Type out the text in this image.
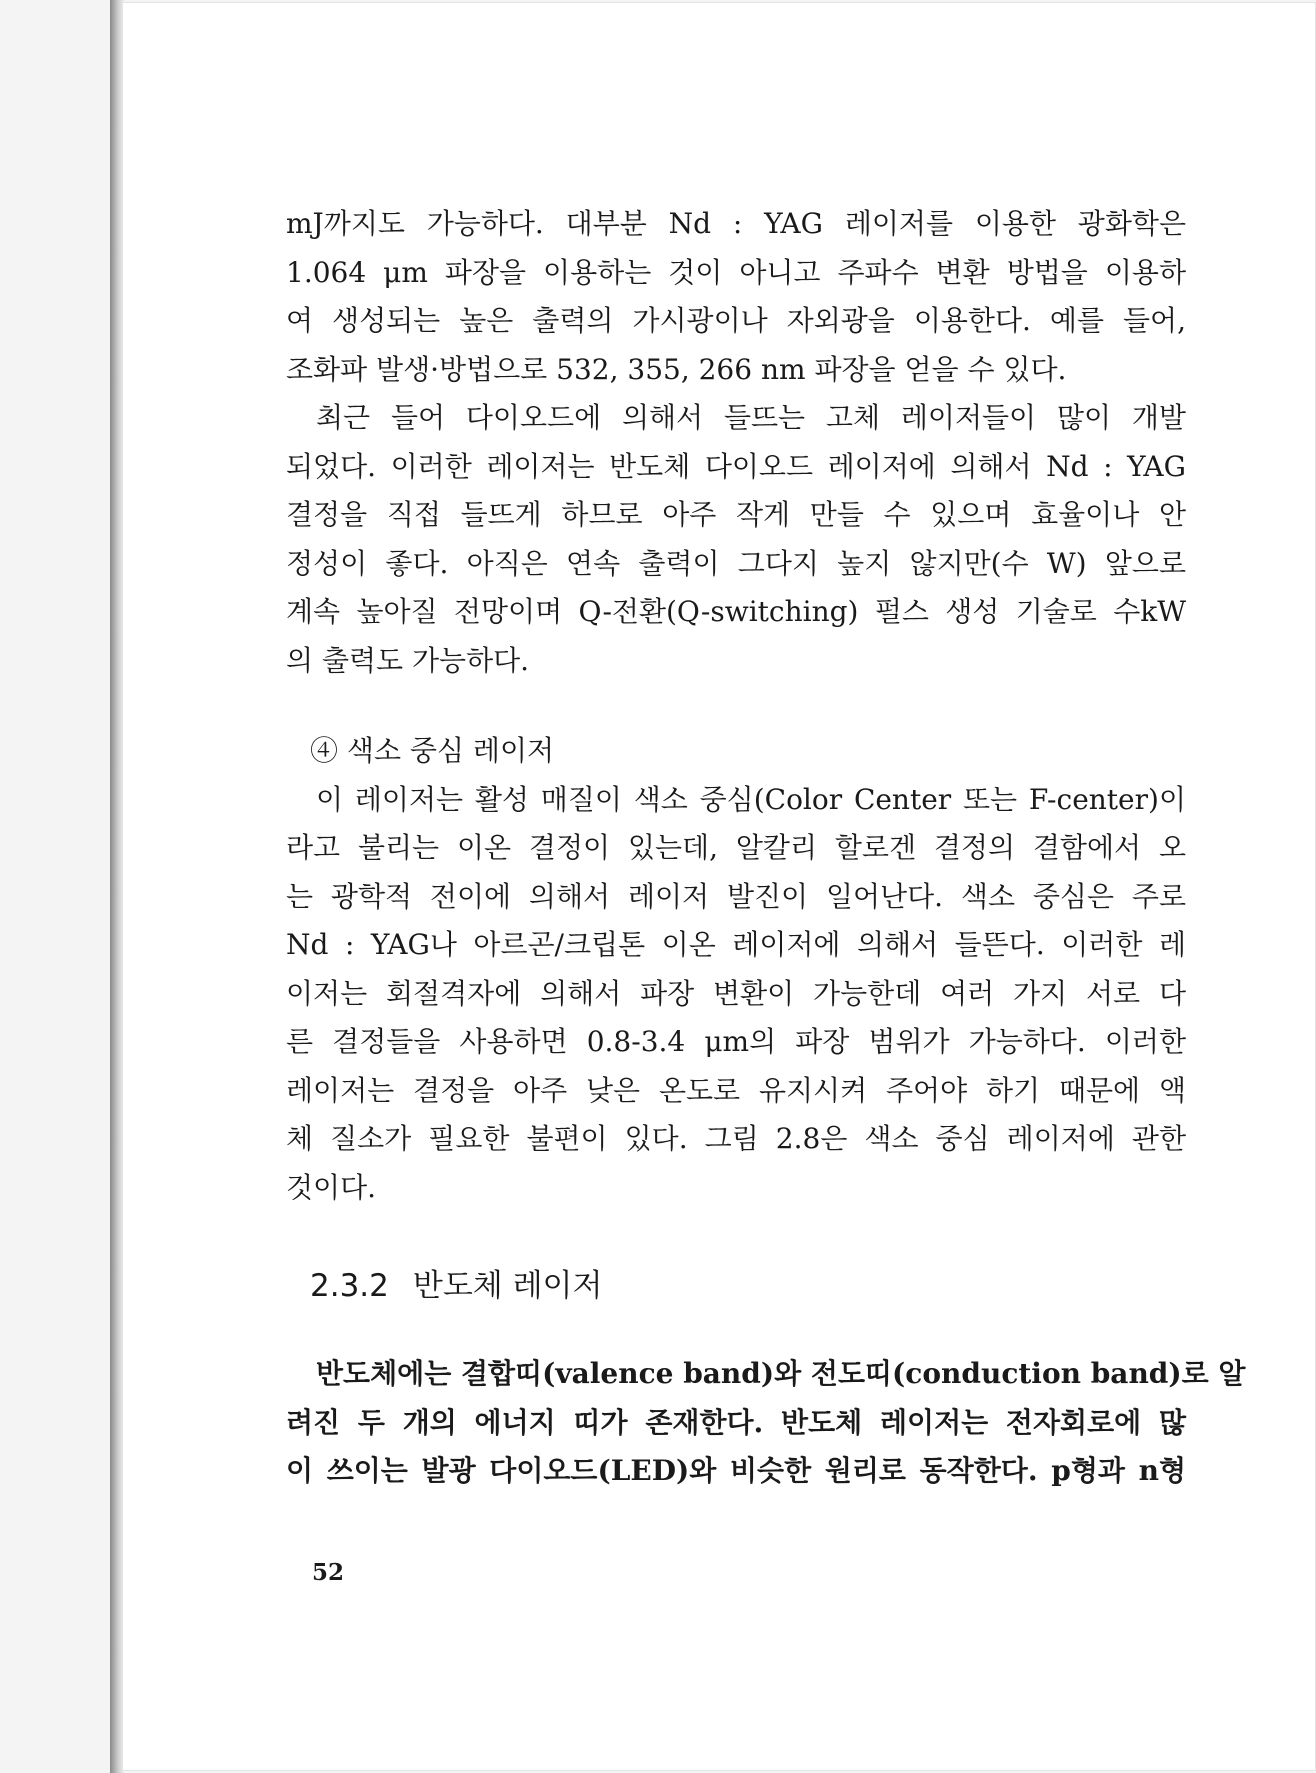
mJ까지도 가능하다. 대부분 Nd : YAG 레이저를 이용한 광화학은
1.064 μm 파장을 이용하는 것이 아니고 주파수 변환 방법을 이용하
여 생성되는 높은 출력의 가시광이나 자외광을 이용한다. 예를 들어,
조화파 발생·방법으로 532, 355, 266 nm 파장을 얻을 수 있다.
최근 들어 다이오드에 의해서 들뜨는 고체 레이저들이 많이 개발
되었다. 이러한 레이저는 반도체 다이오드 레이저에 의해서 Nd : YAG
결정을 직접 들뜨게 하므로 아주 작게 만들 수 있으며 효율이나 안
정성이 좋다. 아직은 연속 출력이 그다지 높지 않지만(수 W) 앞으로
계속 높아질 전망이며 Q-전환(Q-switching) 펄스 생성 기술로 수kW
의 출력도 가능하다.
④ 색소 중심 레이저
이 레이저는 활성 매질이 색소 중심(Color Center 또는 F-center)이
라고 불리는 이온 결정이 있는데, 알칼리 할로겐 결정의 결함에서 오
는 광학적 전이에 의해서 레이저 발진이 일어난다. 색소 중심은 주로
Nd : YAG나 아르곤/크립톤 이온 레이저에 의해서 들뜬다. 이러한 레
이저는 회절격자에 의해서 파장 변환이 가능한데 여러 가지 서로 다
른 결정들을 사용하면 0.8-3.4 μm의 파장 범위가 가능하다. 이러한
레이저는 결정을 아주 낮은 온도로 유지시켜 주어야 하기 때문에 액
체 질소가 필요한 불편이 있다. 그림 2.8은 색소 중심 레이저에 관한
것이다.
2.3.2 반도체 레이저
반도체에는 결합띠(valence band)와 전도띠(conduction band)로 알
려진 두 개의 에너지 띠가 존재한다. 반도체 레이저는 전자회로에 많
이 쓰이는 발광 다이오드(LED)와 비슷한 원리로 동작한다. p형과 n형
52
